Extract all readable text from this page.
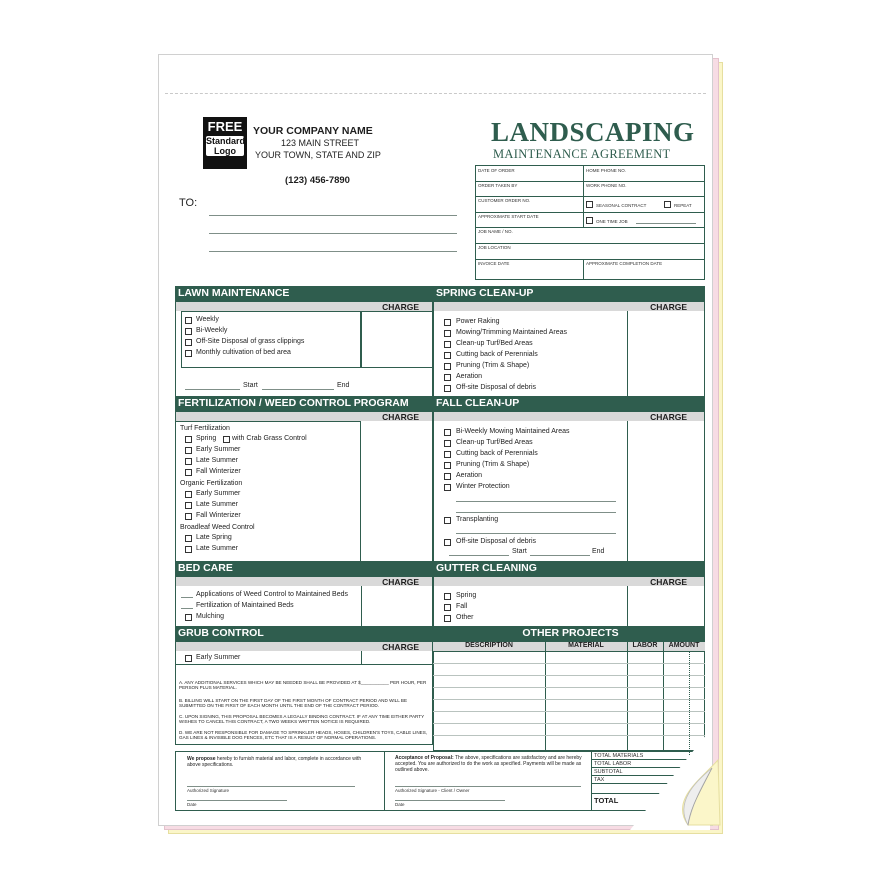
FREE
Standard
Logo
YOUR COMPANY NAME
123 MAIN STREET
YOUR TOWN, STATE AND ZIP
(123) 456-7890
TO:
LANDSCAPING
MAINTENANCE AGREEMENT
DATE OF ORDER	HOME PHONE NO.
ORDER TAKEN BY	WORK PHONE NO.
CUSTOMER ORDER NO.
SEASONAL CONTRACT	REPEAT
APPROXIMATE START DATE
ONE TIME JOB
JOB NAME / NO.
JOB LOCATION
INVOICE DATE	APPROXIMATE COMPLETION DATE
LAWN MAINTENANCE
CHARGE
Weekly
Bi-Weekly
Off-Site Disposal of grass clippings
Monthly cultivation of bed area
Start	End
SPRING CLEAN-UP
CHARGE
Power Raking
Mowing/Trimming Maintained Areas
Clean-up Turf/Bed Areas
Cutting back of Perennials
Pruning (Trim & Shape)
Aeration
Off-site Disposal of debris
FERTILIZATION / WEED CONTROL PROGRAM
CHARGE
Turf Fertilization
Spring with Crab Grass Control
Early Summer
Late Summer
Fall Winterizer
Organic Fertilization
Early Summer
Late Summer
Fall Winterizer
Broadleaf Weed Control
Late Spring
Late Summer
FALL CLEAN-UP
CHARGE
Bi-Weekly Mowing Maintained Areas
Clean-up Turf/Bed Areas
Cutting back of Perennials
Pruning (Trim & Shape)
Aeration
Winter Protection
Transplanting
Off-site Disposal of debris
Start	End
BED CARE
CHARGE
Applications of Weed Control to Maintained Beds
Fertilization of Maintained Beds
Mulching
GUTTER CLEANING
CHARGE
Spring
Fall
Other
GRUB CONTROL
CHARGE
Early Summer
A. ANY ADDITIONAL SERVICES WHICH MAY BE NEEDED SHALL BE PROVIDED AT $___________ PER HOUR, PER PERSON PLUS MATERIAL.
B. BILLING WILL START ON THE FIRST DAY OF THE FIRST MONTH OF CONTRACT PERIOD AND WILL BE SUBMITTED ON THE FIRST OF EACH MONTH UNTIL THE END OF THE CONTRACT PERIOD.
C. UPON SIGNING, THIS PROPOSAL BECOMES A LEGALLY BINDING CONTRACT. IF AT ANY TIME EITHER PARTY WISHES TO CANCEL THIS CONTRACT, A TWO WEEKS WRITTEN NOTICE IS REQUIRED.
D. WE ARE NOT RESPONSIBLE FOR DAMAGE TO SPRINKLER HEADS, HOSES, CHILDREN'S TOYS, CABLE LINES, GAS LINES & INVISIBLE DOG FENCES, ETC THAT IS A RESULT OF NORMAL OPERATIONS.
OTHER PROJECTS
DESCRIPTION	MATERIAL	LABOR	AMOUNT
We propose hereby to furnish material and labor, complete in accordance with above specifications.
Authorized Signature
Date
Acceptance of Proposal: The above, specifications are satisfactory and are hereby accepted. You are authorized to do the work as specified. Payments will be made as outlined above.
Authorized Signature - Client / Owner
Date
TOTAL MATERIALS
TOTAL LABOR
SUBTOTAL
TAX
TOTAL
